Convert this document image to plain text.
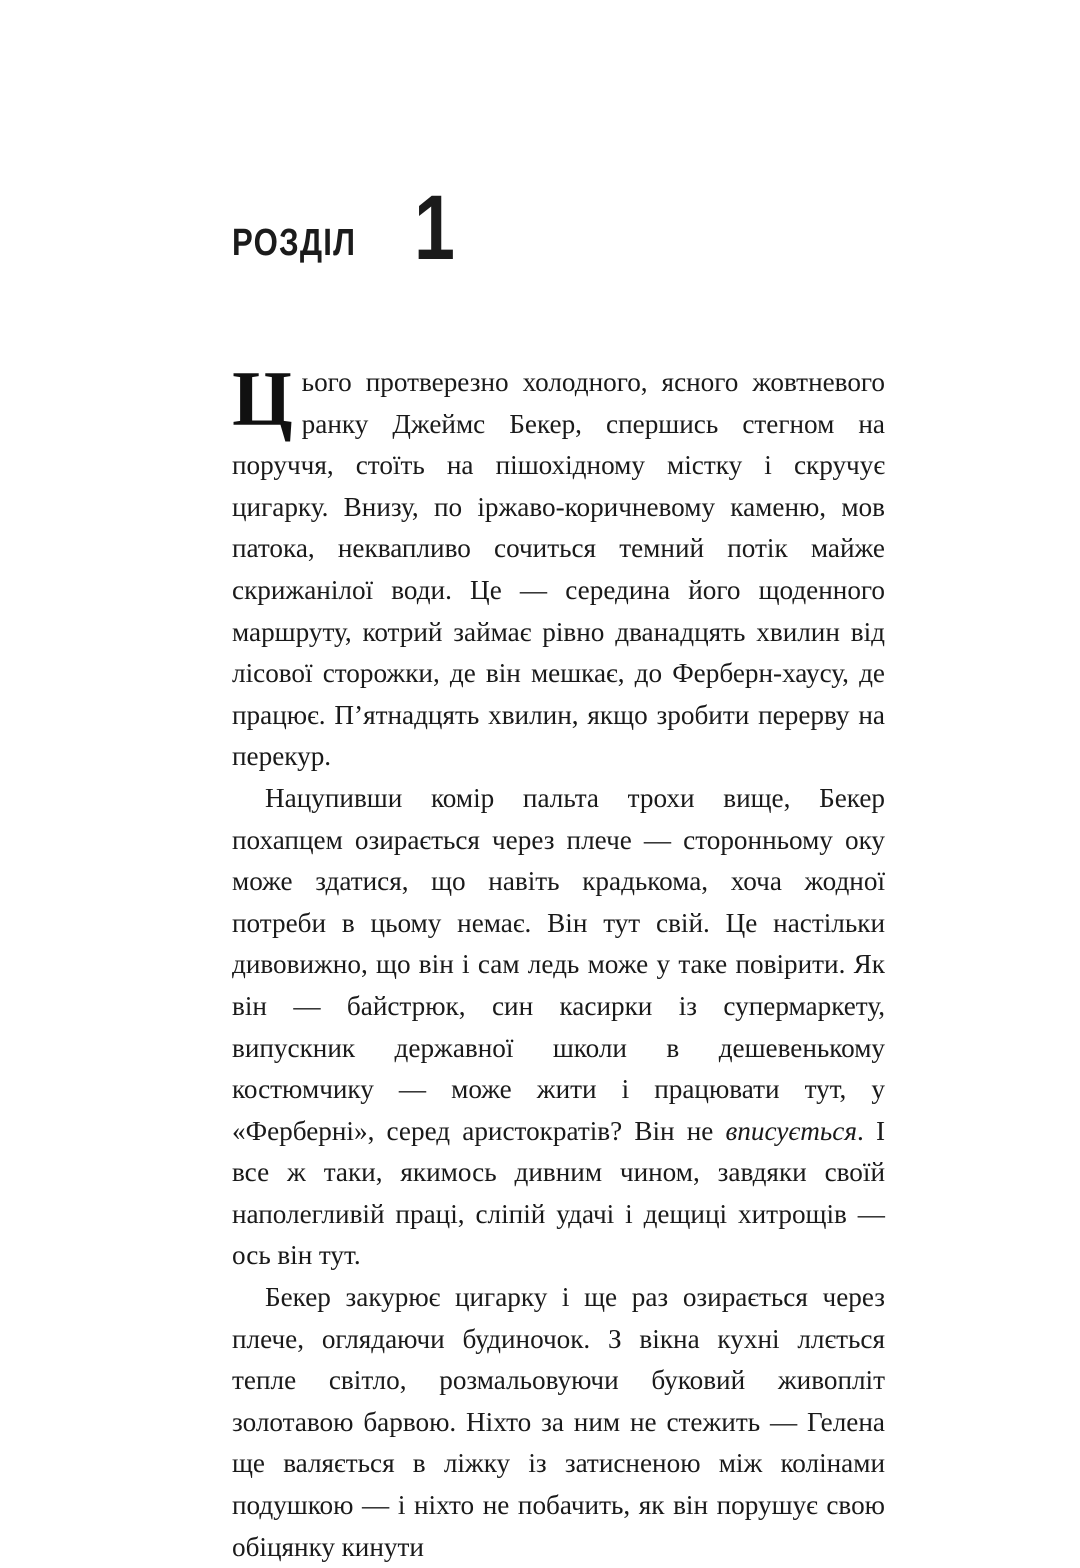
РОЗДІЛ 1

Цього протверезно холодного, ясного жовтневого ранку Джеймс Бекер, спершись стегном на поруччя, стоїть на пішохідному містку і скручує цигарку. Внизу, по іржаво-коричневому каменю, мов патока, неквапливо сочиться темний потік майже скрижанілої води. Це — середина його щоденного маршруту, котрий займає рівно дванадцять хвилин від лісової сторожки, де він мешкає, до Ферберн-хаусу, де працює. П’ятнадцять хвилин, якщо зробити перерву на перекур.

Нацупивши комір пальта трохи вище, Бекер похапцем озирається через плече — сторонньому оку може здатися, що навіть крадькома, хоча жодної потреби в цьому немає. Він тут свій. Це настільки дивовижно, що він і сам ледь може у таке повірити. Як він — байстрюк, син касирки із супермаркету, випускник державної школи в дешевенькому костюмчику — може жити і працювати тут, у «Ферберні», серед аристократів? Він не вписується. І все ж таки, якимось дивним чином, завдяки своїй наполегливій праці, сліпій удачі і дещиці хитрощів — ось він тут.

Бекер закурює цигарку і ще раз озирається через плече, оглядаючи будиночок. З вікна кухні ллється тепле світло, розмальовуючи буковий живопліт золотавою барвою. Ніхто за ним не стежить — Гелена ще валяється в ліжку із затисненою між колінами подушкою — і ніхто не побачить, як він порушує свою обіцянку кинути
